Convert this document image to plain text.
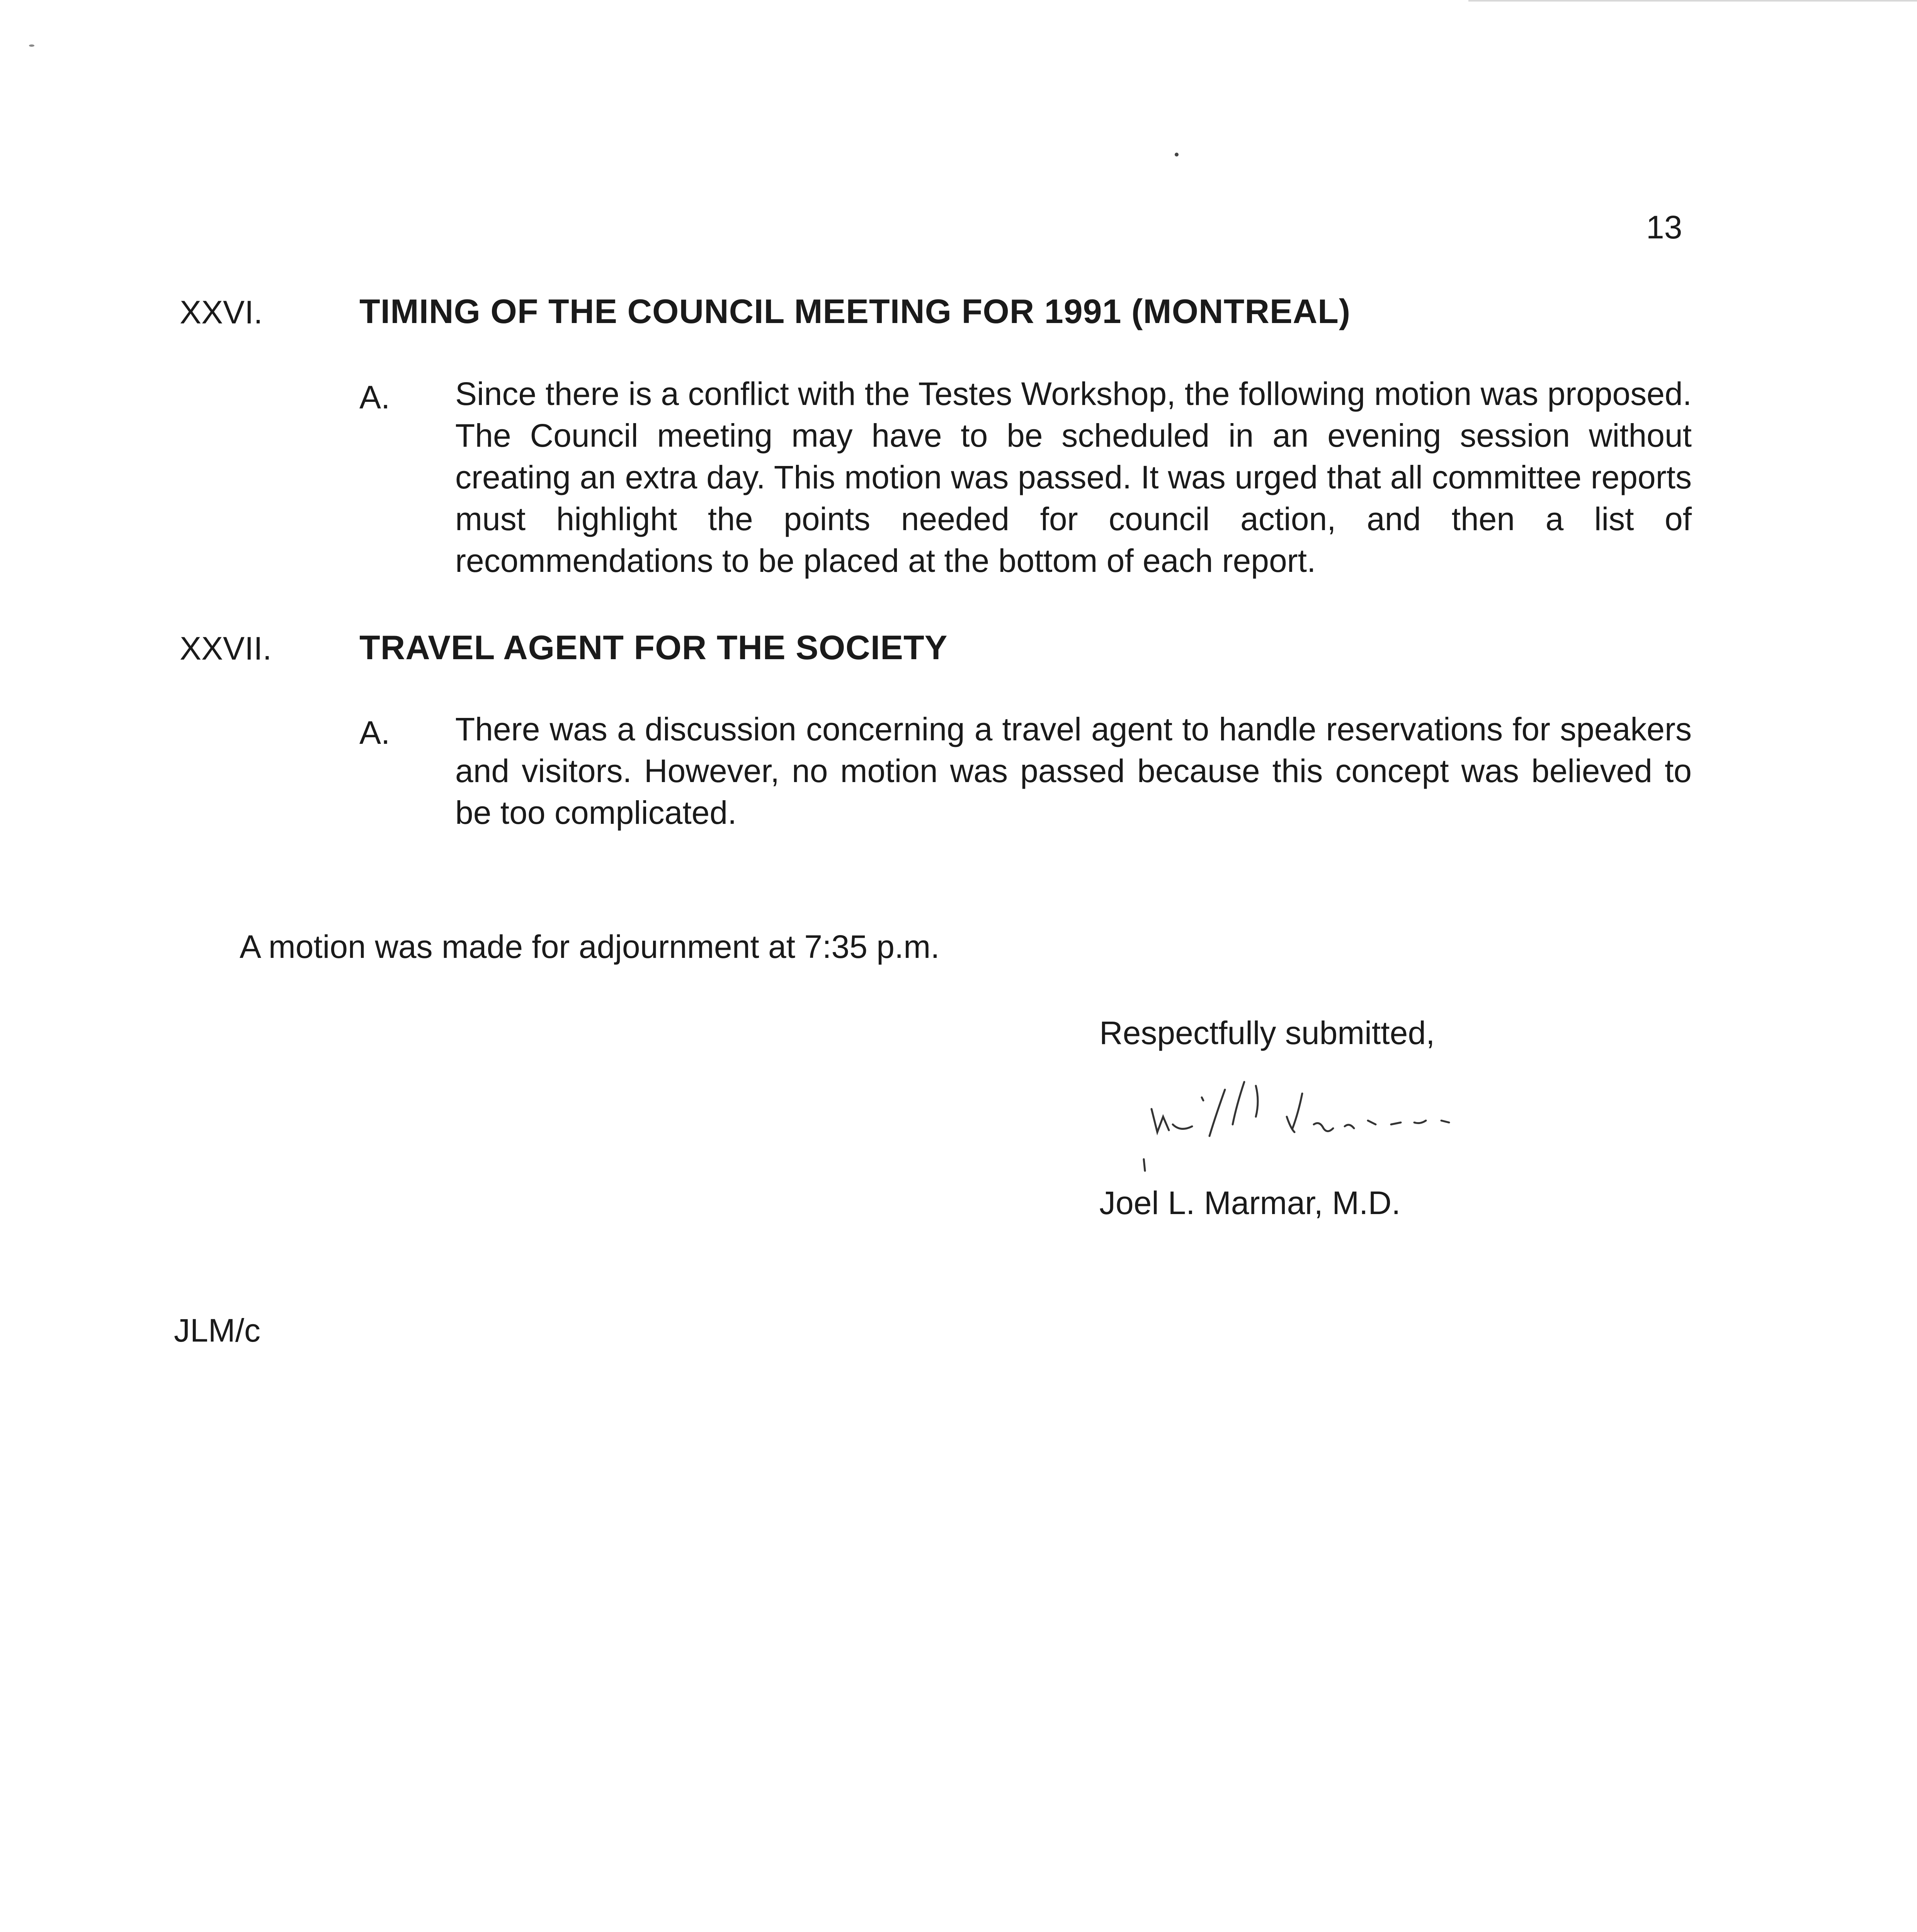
13
XXVI.	TIMING OF THE COUNCIL MEETING FOR 1991 (MONTREAL)
A. Since there is a conflict with the Testes Workshop, the following motion was proposed. The Council meeting may have to be scheduled in an evening session without creating an extra day. This motion was passed. It was urged that all committee reports must highlight the points needed for council action, and then a list of recommendations to be placed at the bottom of each report.
XXVII.	TRAVEL AGENT FOR THE SOCIETY
A. There was a discussion concerning a travel agent to handle reservations for speakers and visitors. However, no motion was passed because this concept was believed to be too complicated.
A motion was made for adjournment at 7:35 p.m.
Respectfully submitted,
Joel L. Marmar, M.D.
JLM/c
